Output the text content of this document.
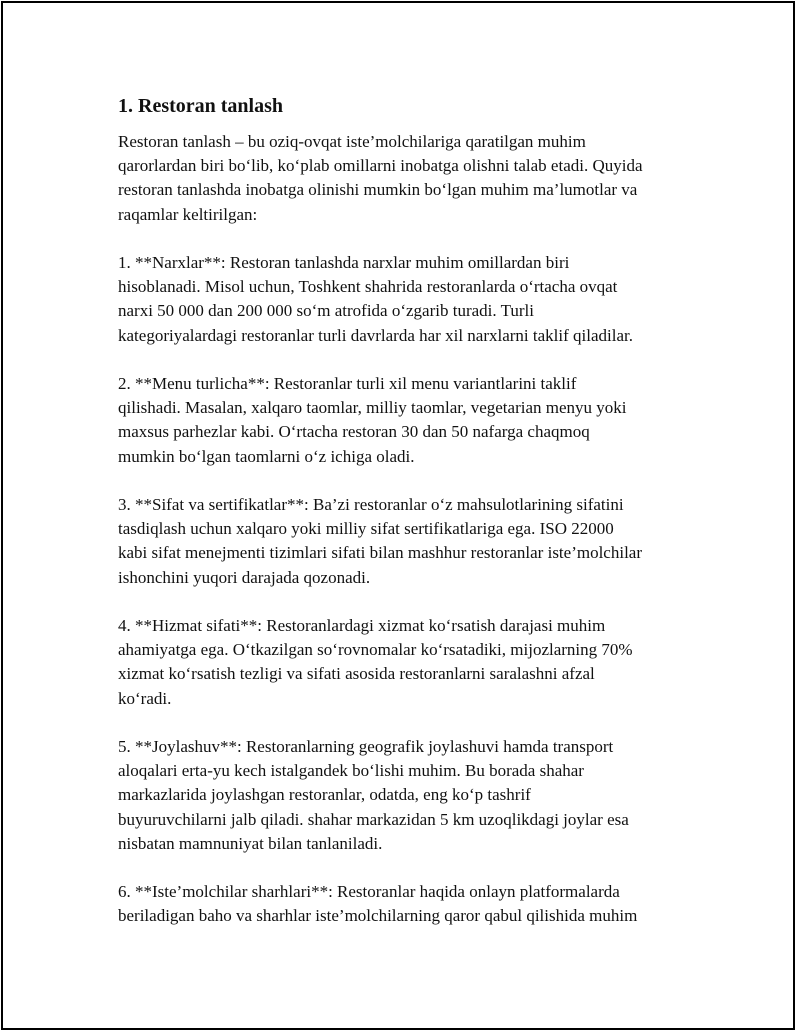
1. Restoran tanlash

Restoran tanlash – bu oziq-ovqat iste’molchilariga qaratilgan muhim
qarorlardan biri bo‘lib, ko‘plab omillarni inobatga olishni talab etadi. Quyida
restoran tanlashda inobatga olinishi mumkin bo‘lgan muhim ma’lumotlar va
raqamlar keltirilgan:

1. **Narxlar**: Restoran tanlashda narxlar muhim omillardan biri
hisoblanadi. Misol uchun, Toshkent shahrida restoranlarda o‘rtacha ovqat
narxi 50 000 dan 200 000 so‘m atrofida o‘zgarib turadi. Turli
kategoriyalardagi restoranlar turli davrlarda har xil narxlarni taklif qiladilar.

2. **Menu turlicha**: Restoranlar turli xil menu variantlarini taklif
qilishadi. Masalan, xalqaro taomlar, milliy taomlar, vegetarian menyu yoki
maxsus parhezlar kabi. O‘rtacha restoran 30 dan 50 nafarga chaqmoq
mumkin bo‘lgan taomlarni o‘z ichiga oladi.

3. **Sifat va sertifikatlar**: Ba’zi restoranlar o‘z mahsulotlarining sifatini
tasdiqlash uchun xalqaro yoki milliy sifat sertifikatlariga ega. ISO 22000
kabi sifat menejmenti tizimlari sifati bilan mashhur restoranlar iste’molchilar
ishonchini yuqori darajada qozonadi.

4. **Hizmat sifati**: Restoranlardagi xizmat ko‘rsatish darajasi muhim
ahamiyatga ega. O‘tkazilgan so‘rovnomalar ko‘rsatadiki, mijozlarning 70%
xizmat ko‘rsatish tezligi va sifati asosida restoranlarni saralashni afzal
ko‘radi.

5. **Joylashuv**: Restoranlarning geografik joylashuvi hamda transport
aloqalari erta-yu kech istalgandek bo‘lishi muhim. Bu borada shahar
markazlarida joylashgan restoranlar, odatda, eng ko‘p tashrif
buyuruvchilarni jalb qiladi. shahar markazidan 5 km uzoqlikdagi joylar esa
nisbatan mamnuniyat bilan tanlaniladi.

6. **Iste’molchilar sharhlari**: Restoranlar haqida onlayn platformalarda
beriladigan baho va sharhlar iste’molchilarning qaror qabul qilishida muhim
